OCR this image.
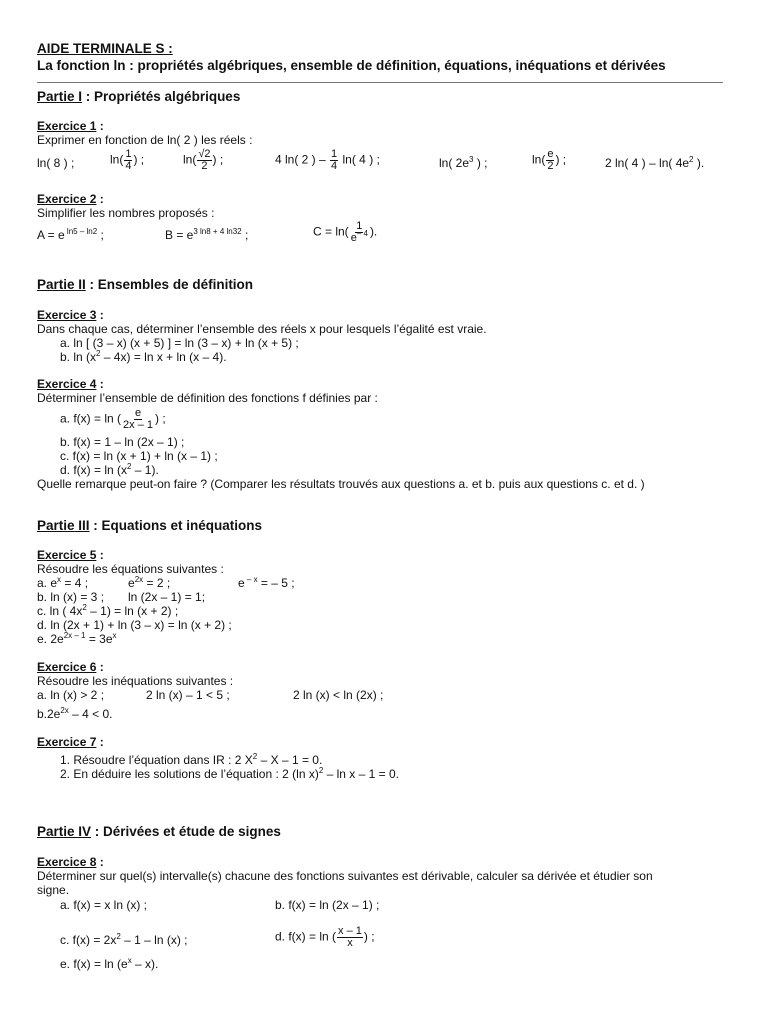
AIDE TERMINALE S :
La fonction ln : propriétés algébriques, ensemble de définition, équations, inéquations et dérivées
Partie I : Propriétés algébriques
Exercice 1 :
Exprimer en fonction de ln( 2 ) les réels :
ln( 8 ) ;	$\ln( \frac{1}{4}$ ) ;	$\ln( \frac{√2}{2}$ ) ;	4 ln( 2 ) – $\frac{1}{4} \ln$( 4 ) ;	ln( $2e^3$ ) ;	$\ln( \frac{e}{2}$ ) ;	2 ln( 4 ) – ln( $4e^2$ ).
Exercice 2 :
Simplifier les nombres proposés :
A = e $^{ln5 - ln2}$ ;	$B = e^{3 ln8 + 4 ln32}$ ;	$C = \ln( \frac{1}{e^{- 4}}$ ).
Partie II : Ensembles de définition
Exercice 3 :
Dans chaque cas, déterminer l’ensemble des réels x pour lesquels l’égalité est vraie.
a. ln [ (3 – x) (x + 5) ] = ln (3 – x) + ln (x + 5) ;
b. $\ln (x^2 - 4x) = \ln x + \ln (x - 4)$.
Exercice 4 :
Déterminer l’ensemble de définition des fonctions f définies par :
a. f(x) = ln ( $\frac{e}{2x - 1}$ ) ;
b. f(x) = 1 – ln (2x – 1) ;
c. f(x) = ln (x + 1) + ln (x – 1) ;
d. $f(x) = \ln (x^2 - 1)$.
Quelle remarque peut-on faire ? (Comparer les résultats trouvés aux questions a. et b. puis aux questions c. et d. )
Partie III : Equations et inéquations
Exercice 5 :
Résoudre les équations suivantes :
a. $e^x = 4$ ;	$e^{2x} = 2$ ;	e $^{- x}$ = – 5 ;
b. ln (x) = 3 ; ln (2x – 1) = 1;
c. ln ( $4x^2 - 1) = \ln (x + 2)$ ;
d. ln (2x + 1) + ln (3 – x) = ln (x + 2) ;
e. $2e^{2x - 1} = 3e^x$
Exercice 6 :
Résoudre les inéquations suivantes :
a. ln (x) > 2 ;	2 ln (x) – 1 < 5 ;	2 ln (x) < ln (2x) ;
$b.2e^{2x} - 4 < 0$.
Exercice 7 :
1. Résoudre l’équation dans IR : 2 $X^2 - X - 1 = 0$.
2. En déduire les solutions de l’équation : 2 (ln x)$^2$ – ln x – 1 = 0.
Partie IV : Dérivées et étude de signes
Exercice 8 :
Déterminer sur quel(s) intervalle(s) chacune des fonctions suivantes est dérivable, calculer sa dérivée et étudier son
signe.
a. f(x) = x ln (x) ;	b. f(x) = ln (2x – 1) ;
c. $f(x) = 2x^2 - 1 - \ln (x)$ ;	d. f(x) = ln ( $\frac{x - 1}{x}$ ) ;
e. $f(x) = \ln (e^x - x)$.
